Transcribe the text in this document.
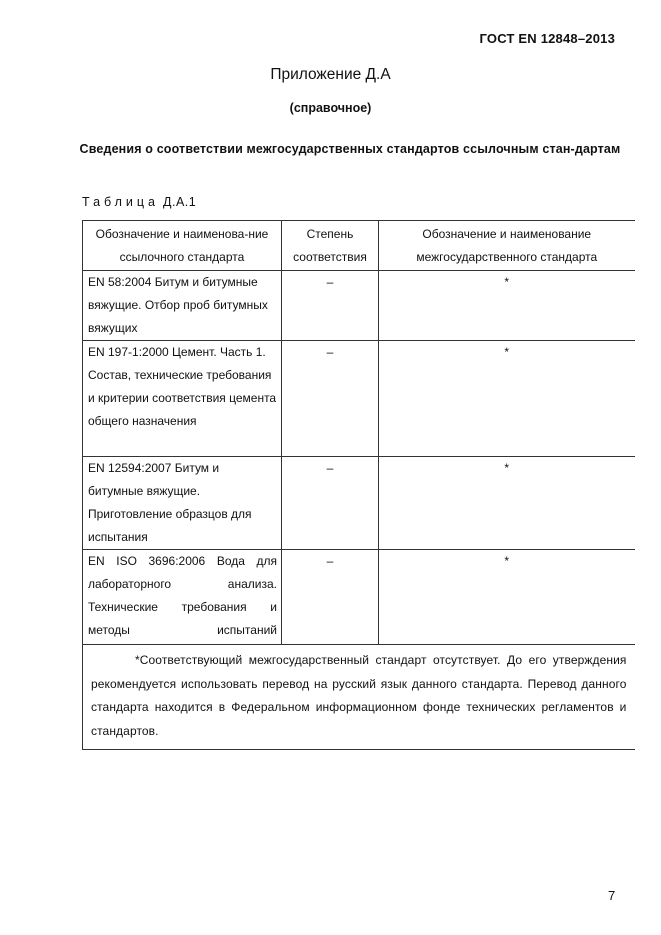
ГОСТ EN 12848–2013
Приложение Д.А
(справочное)
Сведения о соответствии межгосударственных стандартов ссылочным стан-дартам
Таблица Д.А.1
Обозначение и наименова-ние ссылочного стандарта	Степень соответствия	Обозначение и наименование межгосударственного стандарта
EN 58:2004 Битум и битумные вяжущие. Отбор проб битумных вяжущих	–	*
EN 197-1:2000 Цемент. Часть 1. Состав, технические требования и критерии соответствия цемента общего назначения	–	*
EN 12594:2007 Битум и битумные вяжущие. Приготовление образцов для испытания	–	*
EN ISO 3696:2006 Вода для лабораторного анализа. Технические требования и методы испытаний	–	*
*Соответствующий межгосударственный стандарт отсутствует. До его утверждения рекомендуется использовать перевод на русский язык данного стандарта. Перевод данного стандарта находится в Федеральном информационном фонде технических регламентов и стандартов.		
7
